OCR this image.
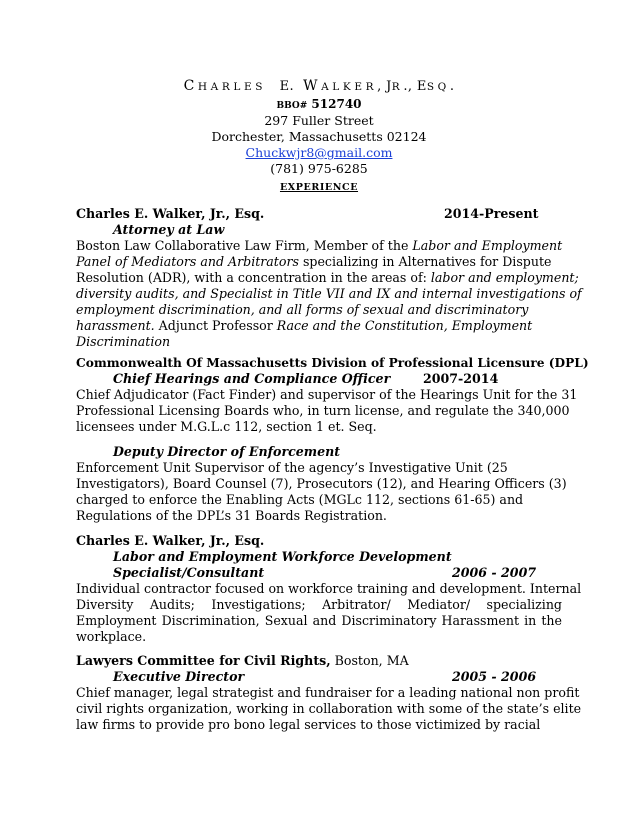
CHARLES E. WALKER, JR., ESQ.
BBO# 512740
297 Fuller Street
Dorchester, Massachusetts 02124
Chuckwjr8@gmail.com
(781) 975-6285
EXPERIENCE
Charles E. Walker, Jr., Esq.	2014-Present
Attorney at Law
Boston Law Collaborative Law Firm, Member of the Labor and Employment
Panel of Mediators and Arbitrators specializing in Alternatives for Dispute
Resolution (ADR), with a concentration in the areas of: labor and employment;
diversity audits, and Specialist in Title VII and IX and internal investigations of
employment discrimination, and all forms of sexual and discriminatory
harassment. Adjunct Professor Race and the Constitution, Employment
Discrimination
Commonwealth Of Massachusetts Division of Professional Licensure (DPL)
Chief Hearings and Compliance Officer	2007-2014
Chief Adjudicator (Fact Finder) and supervisor of the Hearings Unit for the 31
Professional Licensing Boards who, in turn license, and regulate the 340,000
licensees under M.G.L.c 112, section 1 et. Seq.
Deputy Director of Enforcement
Enforcement Unit Supervisor of the agency’s Investigative Unit (25
Investigators), Board Counsel (7), Prosecutors (12), and Hearing Officers (3)
charged to enforce the Enabling Acts (MGLc 112, sections 61-65) and
Regulations of the DPL’s 31 Boards Registration.
Charles E. Walker, Jr., Esq.
Labor and Employment Workforce Development
Specialist/Consultant	2006 - 2007
Individual contractor focused on workforce training and development. Internal
Diversity Audits; Investigations; Arbitrator/ Mediator/ specializing
Employment Discrimination, Sexual and Discriminatory Harassment in the
workplace.
Lawyers Committee for Civil Rights, Boston, MA
Executive Director	2005 - 2006
Chief manager, legal strategist and fundraiser for a leading national non profit
civil rights organization, working in collaboration with some of the state’s elite
law firms to provide pro bono legal services to those victimized by racial
